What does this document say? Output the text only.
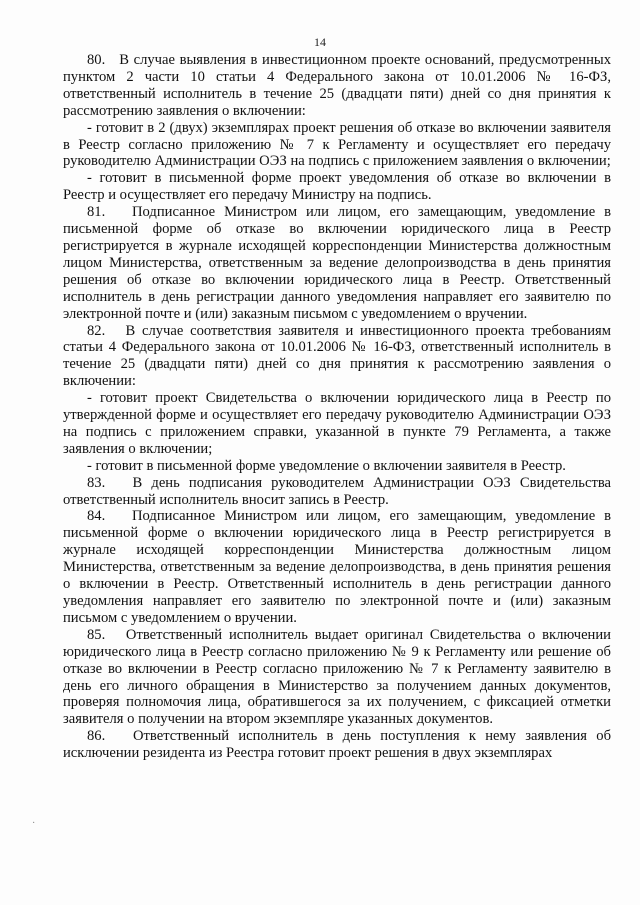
14

80.   В случае выявления в инвестиционном проекте оснований, предусмотренных пунктом 2 части 10 статьи 4 Федерального закона от 10.01.2006 № 16-ФЗ, ответственный исполнитель в течение 25 (двадцати пяти) дней со дня принятия к рассмотрению заявления о включении:

- готовит в 2 (двух) экземплярах проект решения об отказе во включении заявителя в Реестр согласно приложению № 7 к Регламенту и осуществляет его передачу руководителю Администрации ОЭЗ на подпись с приложением заявления о включении;

- готовит в письменной форме проект уведомления об отказе во включении в Реестр и осуществляет его передачу Министру на подпись.

81.   Подписанное Министром или лицом, его замещающим, уведомление в письменной форме об отказе во включении юридического лица в Реестр регистрируется в журнале исходящей корреспонденции Министерства должностным лицом Министерства, ответственным за ведение делопроизводства в день принятия решения об отказе во включении юридического лица в Реестр. Ответственный исполнитель в день регистрации данного уведомления направляет его заявителю по электронной почте и (или) заказным письмом с уведомлением о вручении.

82.   В случае соответствия заявителя и инвестиционного проекта требованиям статьи 4 Федерального закона от 10.01.2006 № 16-ФЗ, ответственный исполнитель в течение 25 (двадцати пяти) дней со дня принятия к рассмотрению заявления о включении:

- готовит проект Свидетельства о включении юридического лица в Реестр по утвержденной форме и осуществляет его передачу руководителю Администрации ОЭЗ на подпись с приложением справки, указанной в пункте 79 Регламента, а также заявления о включении;

- готовит в письменной форме уведомление о включении заявителя в Реестр.

83.   В день подписания руководителем Администрации ОЭЗ Свидетельства ответственный исполнитель вносит запись в Реестр.

84.   Подписанное Министром или лицом, его замещающим, уведомление в письменной форме о включении юридического лица в Реестр регистрируется в журнале исходящей корреспонденции Министерства должностным лицом Министерства, ответственным за ведение делопроизводства, в день принятия решения о включении в Реестр. Ответственный исполнитель в день регистрации данного уведомления направляет его заявителю по электронной почте и (или) заказным письмом с уведомлением о вручении.

85.   Ответственный исполнитель выдает оригинал Свидетельства о включении юридического лица в Реестр согласно приложению № 9 к Регламенту или решение об отказе во включении в Реестр согласно приложению № 7 к Регламенту заявителю в день его личного обращения в Министерство за получением данных документов, проверяя полномочия лица, обратившегося за их получением, с фиксацией отметки заявителя о получении на втором экземпляре указанных документов.

86.   Ответственный исполнитель в день поступления к нему заявления об исключении резидента из Реестра готовит проект решения в двух экземплярах

·
